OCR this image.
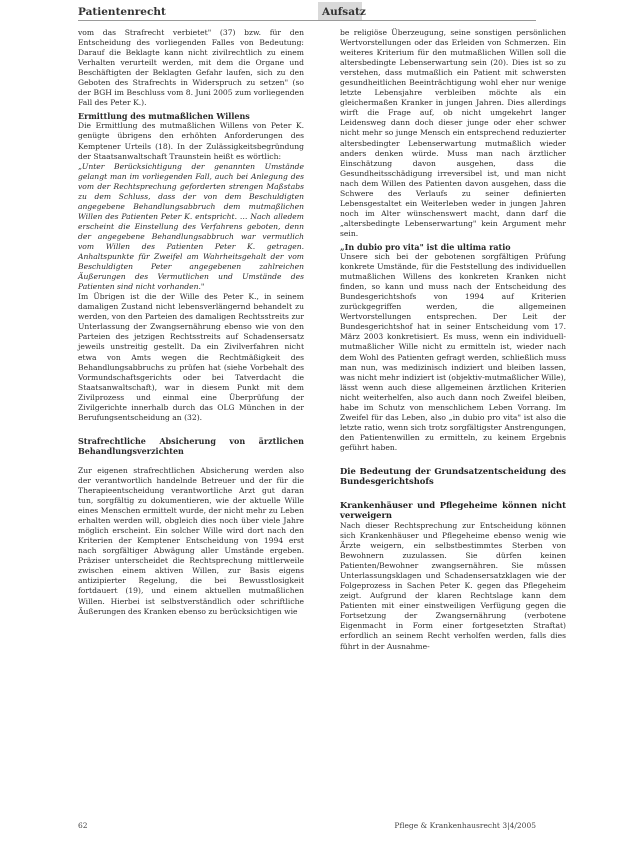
Patientenrecht	Aufsatz

vom das Strafrecht verbietet" (37) bzw. für den Entscheidung des vorliegenden Falles von Bedeutung: Darauf die Beklagte kann nicht zivilrechtlich zu einem Verhalten verurteilt werden, mit dem die Organe und Beschäftigten der Beklagten Gefahr laufen, sich zu den Geboten des Strafrechts in Widerspruch zu setzen" (so der BGH im Beschluss vom 8. Juni 2005 zum vorliegenden Fall des Peter K.).

Ermittlung des mutmaßlichen Willens

Die Ermittlung des mutmaßlichen Willens von Peter K. genügte übrigens den erhöhten Anforderungen des Kemptener Urteils (18). In der Zulässigkeitsbegründung der Staatsanwaltschaft Traunstein heißt es wörtlich:

„Unter Berücksichtigung der genannten Umstände gelangt man im vorliegenden Fall, auch bei Anlegung des vom der Rechtsprechung geforderten strengen Maßstabs zu dem Schluss, dass der von dem Beschuldigten angegebene Behandlungsabbruch dem mutmaßlichen Willen des Patienten Peter K. entspricht. … Nach alledem erscheint die Einstellung des Verfahrens geboten, denn der angegebene Behandlungsabbruch war vermutlich vom Willen des Patienten Peter K. getragen. Anhaltspunkte für Zweifel am Wahrheitsgehalt der vom Beschuldigten Peter angegebenen zahlreichen Äußerungen des Vermutlichen und Umstände des Patienten sind nicht vorhanden."

Im Übrigen ist die der Wille des Peter K., in seinem damaligen Zustand nicht lebensverlängernd behandelt zu werden, von den Parteien des damaligen Rechtsstreits zur Unterlassung der Zwangsernährung ebenso wie von den Parteien des jetzigen Rechtsstreits auf Schadensersatz jeweils unstreitig gestellt. Da ein Zivilverfahren nicht etwa von Amts wegen die Rechtmäßigkeit des Behandlungsabbruchs zu prüfen hat (siehe Vorbehalt des Vormundschaftsgerichts oder bei Tatverdacht die Staatsanwaltschaft), war in diesem Punkt mit dem Zivilprozess und einmal eine Überprüfung der Zivilgerichte innerhalb durch das OLG München in der Berufungsentscheidung an (32).

Strafrechtliche Absicherung von ärztlichen Behandlungsverzichten

Zur eigenen strafrechtlichen Absicherung werden also der verantwortlich handelnde Betreuer und der für die Therapieentscheidung verantwortliche Arzt gut daran tun, sorgfältig zu dokumentieren, wie der aktuelle Wille eines Menschen ermittelt wurde, der nicht mehr zu Leben erhalten werden will, obgleich dies noch über viele Jahre möglich erscheint. Ein solcher Wille wird dort nach den Kriterien der Kemptener Entscheidung von 1994 erst nach sorgfältiger Abwägung aller Umstände ergeben. Präziser unterscheidet die Rechtsprechung mittlerweile zwischen einem aktiven Willen, zur Basis eigens antizipierter Regelung, die bei Bewusstlosigkeit fortdauert (19), und einem aktuellen mutmaßlichen Willen. Hierbei ist selbstverständlich oder schriftliche Äußerungen des Kranken ebenso zu berücksichtigen wie

be religiöse Überzeugung, seine sonstigen persönlichen Wertvorstellungen oder das Erleiden von Schmerzen. Ein weiteres Kriterium für den mutmaßlichen Willen soll die altersbedingte Lebenserwartung sein (20). Dies ist so zu verstehen, dass mutmaßlich ein Patient mit schwersten gesundheitlichen Beeinträchtigung wohl eher nur wenige letzte Lebensjahre verbleiben möchte als ein gleichermaßen Kranker in jungen Jahren. Dies allerdings wirft die Frage auf, ob nicht umgekehrt langer Leidensweg dann doch dieser junge oder eher schwer nicht mehr so junge Mensch ein entsprechend reduzierter altersbedingter Lebenserwartung mutmaßlich wieder anders denken würde. Muss man nach ärztlicher Einschätzung davon ausgehen, dass die Gesundheitsschädigung irreversibel ist, und man nicht nach dem Willen des Patienten davon ausgehen, dass die Schwere des Verlaufs zu seiner definierten Lebensgestaltet ein Weiterleben weder in jungen Jahren noch im Alter wünschenswert macht, dann darf die „altersbedingte Lebenserwartung" kein Argument mehr sein.

„In dubio pro vita" ist die ultima ratio

Unsere sich bei der gebotenen sorgfältigen Prüfung konkrete Umstände, für die Feststellung des individuellen mutmaßlichen Willens des konkreten Kranken nicht finden, so kann und muss nach der Entscheidung des Bundesgerichtshofs von 1994 auf Kriterien zurückgegriffen werden, die allgemeinen Wertvorstellungen entsprechen. Der Leit der Bundesgerichtshof hat in seiner Entscheidung vom 17. März 2003 konkretisiert. Es muss, wenn ein individuell-mutmaßlicher Wille nicht zu ermitteln ist, wieder nach dem Wohl des Patienten gefragt werden, schließlich muss man nun, was medizinisch indiziert und bleiben lassen, was nicht mehr indiziert ist (objektiv-mutmaßlicher Wille), lässt wenn auch diese allgemeinen ärztlichen Kriterien nicht weiterhelfen, also auch dann noch Zweifel bleiben, habe im Schutz von menschlichem Leben Vorrang. Im Zweifel für das Leben, also „in dubio pro vita" ist also die letzte ratio, wenn sich trotz sorgfältigster Anstrengungen, den Patientenwillen zu ermitteln, zu keinem Ergebnis geführt haben.

Die Bedeutung der Grundsatzentscheidung des Bundesgerichtshofs
Krankenhäuser und Pflegeheime können nicht verweigern

Nach dieser Rechtsprechung zur Entscheidung können sich Krankenhäuser und Pflegeheime ebenso wenig wie Ärzte weigern, ein selbstbestimmtes Sterben von Bewohnern zuzulassen. Sie dürfen keinen Patienten/Bewohner zwangsernähren. Sie müssen Unterlassungsklagen und Schadensersatzklagen wie der Folgeprozess in Sachen Peter K. gegen das Pflegeheim zeigt. Aufgrund der klaren Rechtslage kann dem Patienten mit einer einstweiligen Verfügung gegen die Fortsetzung der Zwangsernährung (verbotene Eigenmacht in Form einer fortgesetzten Straftat) erfordlich an seinem Recht verholfen werden, falls dies führt in der Ausnahme-

62	Pflege & Krankenhausrecht 3|4/2005
